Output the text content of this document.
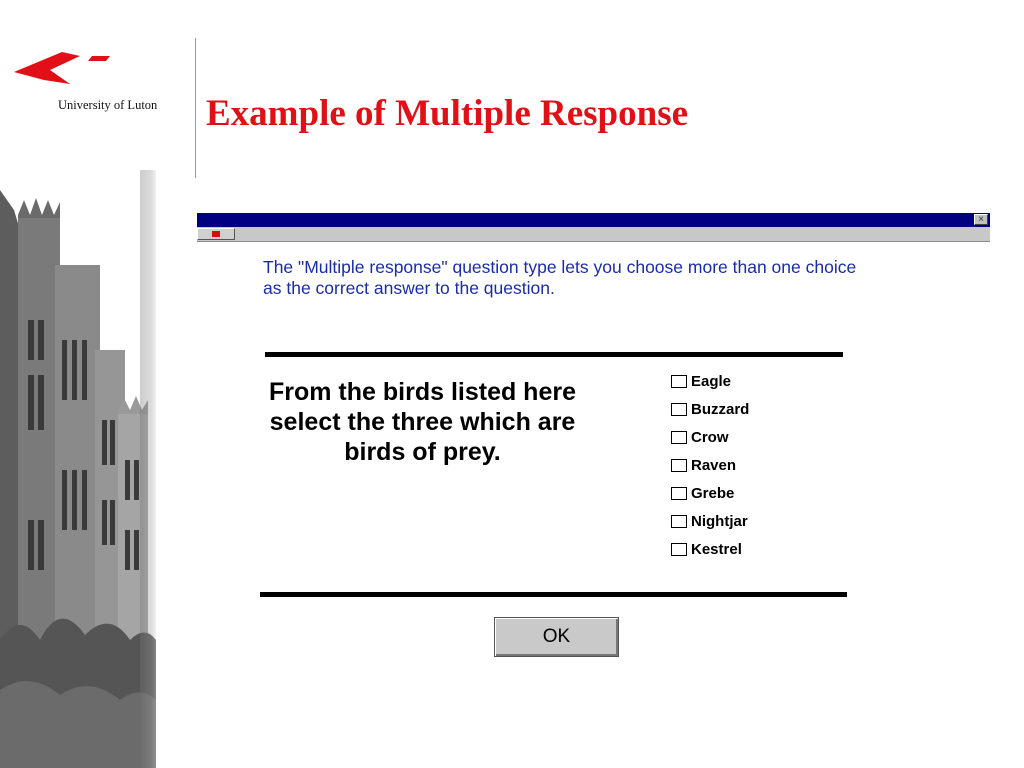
University of Luton Example of Multiple Response
×

The "Multiple response" question type lets you choose more than one choice as the correct answer to the question.

From the birds listed here select the three which are birds of prey.

Eagle
Buzzard
Crow
Raven
Grebe
Nightjar
Kestrel
OK
